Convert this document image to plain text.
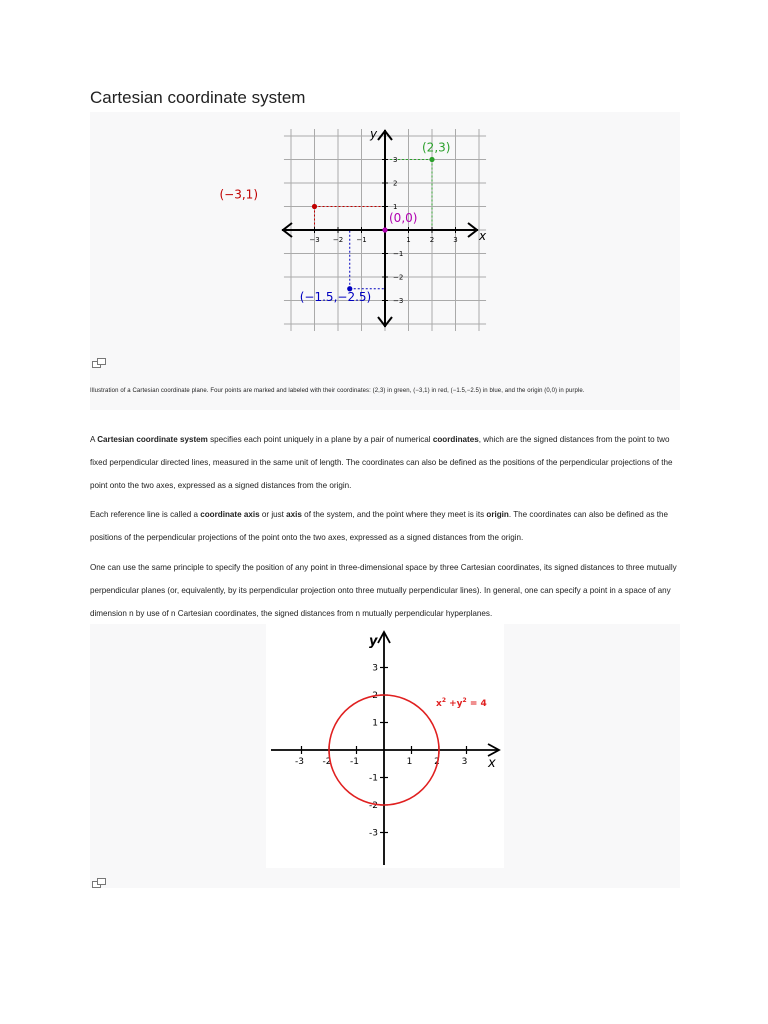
Cartesian coordinate system
x
y
−3 −2 −1	1	2	3
3
2
1
−1
−2
−3
(2,3)
(−3,1)
(0,0)
(−1.5,−2.5)
Illustration of a Cartesian coordinate plane. Four points are marked and labeled with their coordinates: (2,3) in green, (−3,1) in red, (−1.5,−2.5) in blue, and the origin (0,0) in purple.

A Cartesian coordinate system specifies each point uniquely in a plane by a pair of numerical coordinates, which are the signed distances from the point to two fixed perpendicular directed lines, measured in the same unit of length. The coordinates can also be defined as the positions of the perpendicular projections of the point onto the two axes, expressed as a signed distances from the origin.

Each reference line is called a coordinate axis or just axis of the system, and the point where they meet is its origin. The coordinates can also be defined as the positions of the perpendicular projections of the point onto the two axes, expressed as a signed distances from the origin.

One can use the same principle to specify the position of any point in three-dimensional space by three Cartesian coordinates, its signed distances to three mutually perpendicular planes (or, equivalently, by its perpendicular projection onto three mutually perpendicular lines). In general, one can specify a point in a space of any dimension n by use of n Cartesian coordinates, the signed distances from n mutually perpendicular hyperplanes.

-3 -2 -1	1 2 3
3
2
1
-1
-2
-3
x
y
$x^2 +y^2 = 4$
